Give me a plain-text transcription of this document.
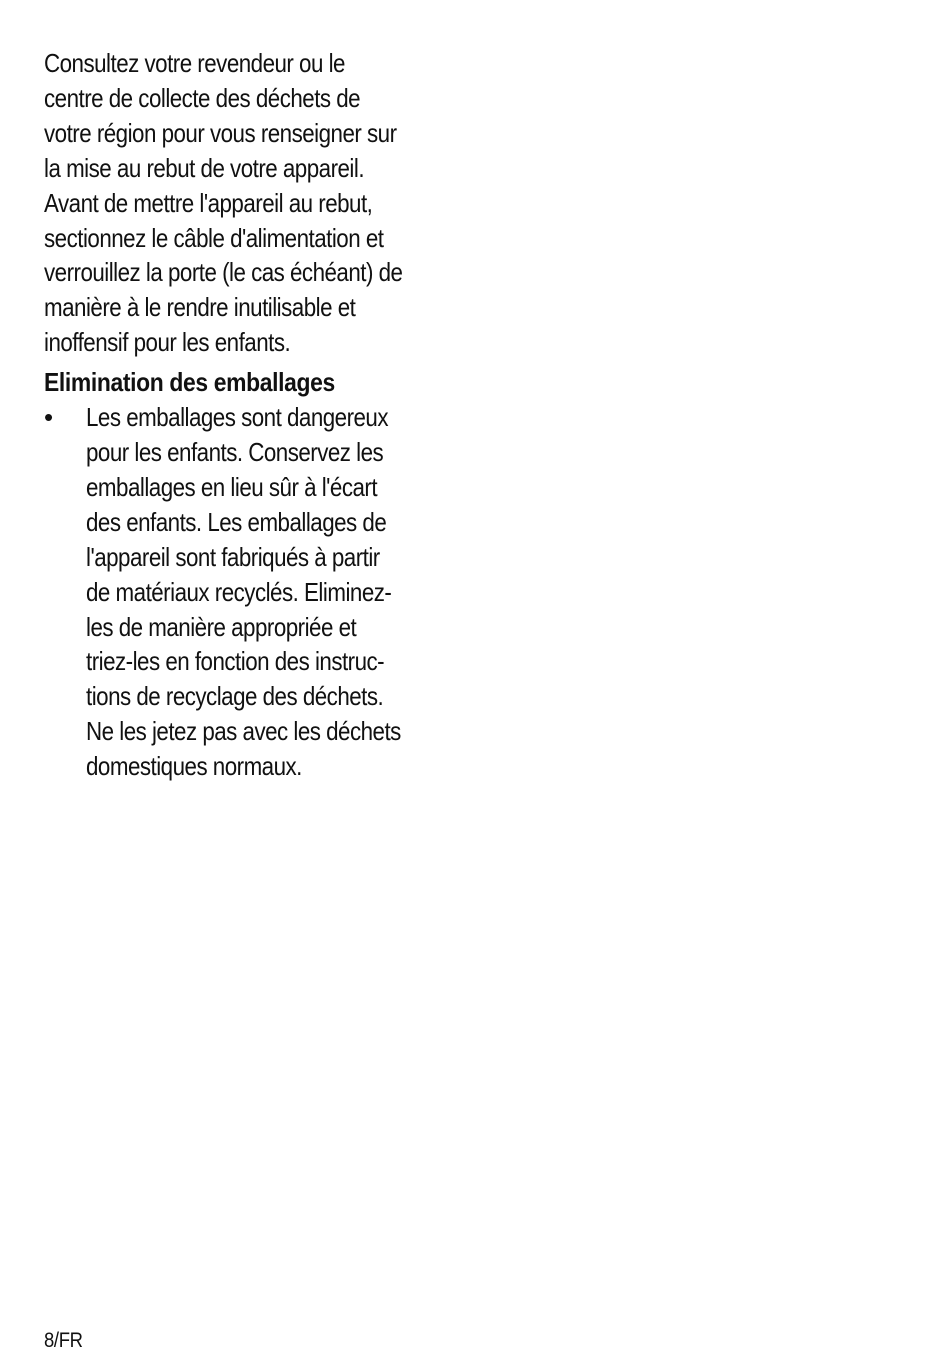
Consultez votre revendeur ou le
centre de collecte des déchets de
votre région pour vous renseigner sur
la mise au rebut de votre appareil.
Avant de mettre l'appareil au rebut,
sectionnez le câble d'alimentation et
verrouillez la porte (le cas échéant) de
manière à le rendre inutilisable et
inoffensif pour les enfants.
Elimination des emballages
• Les emballages sont dangereux
pour les enfants. Conservez les
emballages en lieu sûr à l'écart
des enfants. Les emballages de
l'appareil sont fabriqués à partir
de matériaux recyclés. Eliminez-
les de manière appropriée et
triez-les en fonction des instruc-
tions de recyclage des déchets.
Ne les jetez pas avec les déchets
domestiques normaux.
8/FR
